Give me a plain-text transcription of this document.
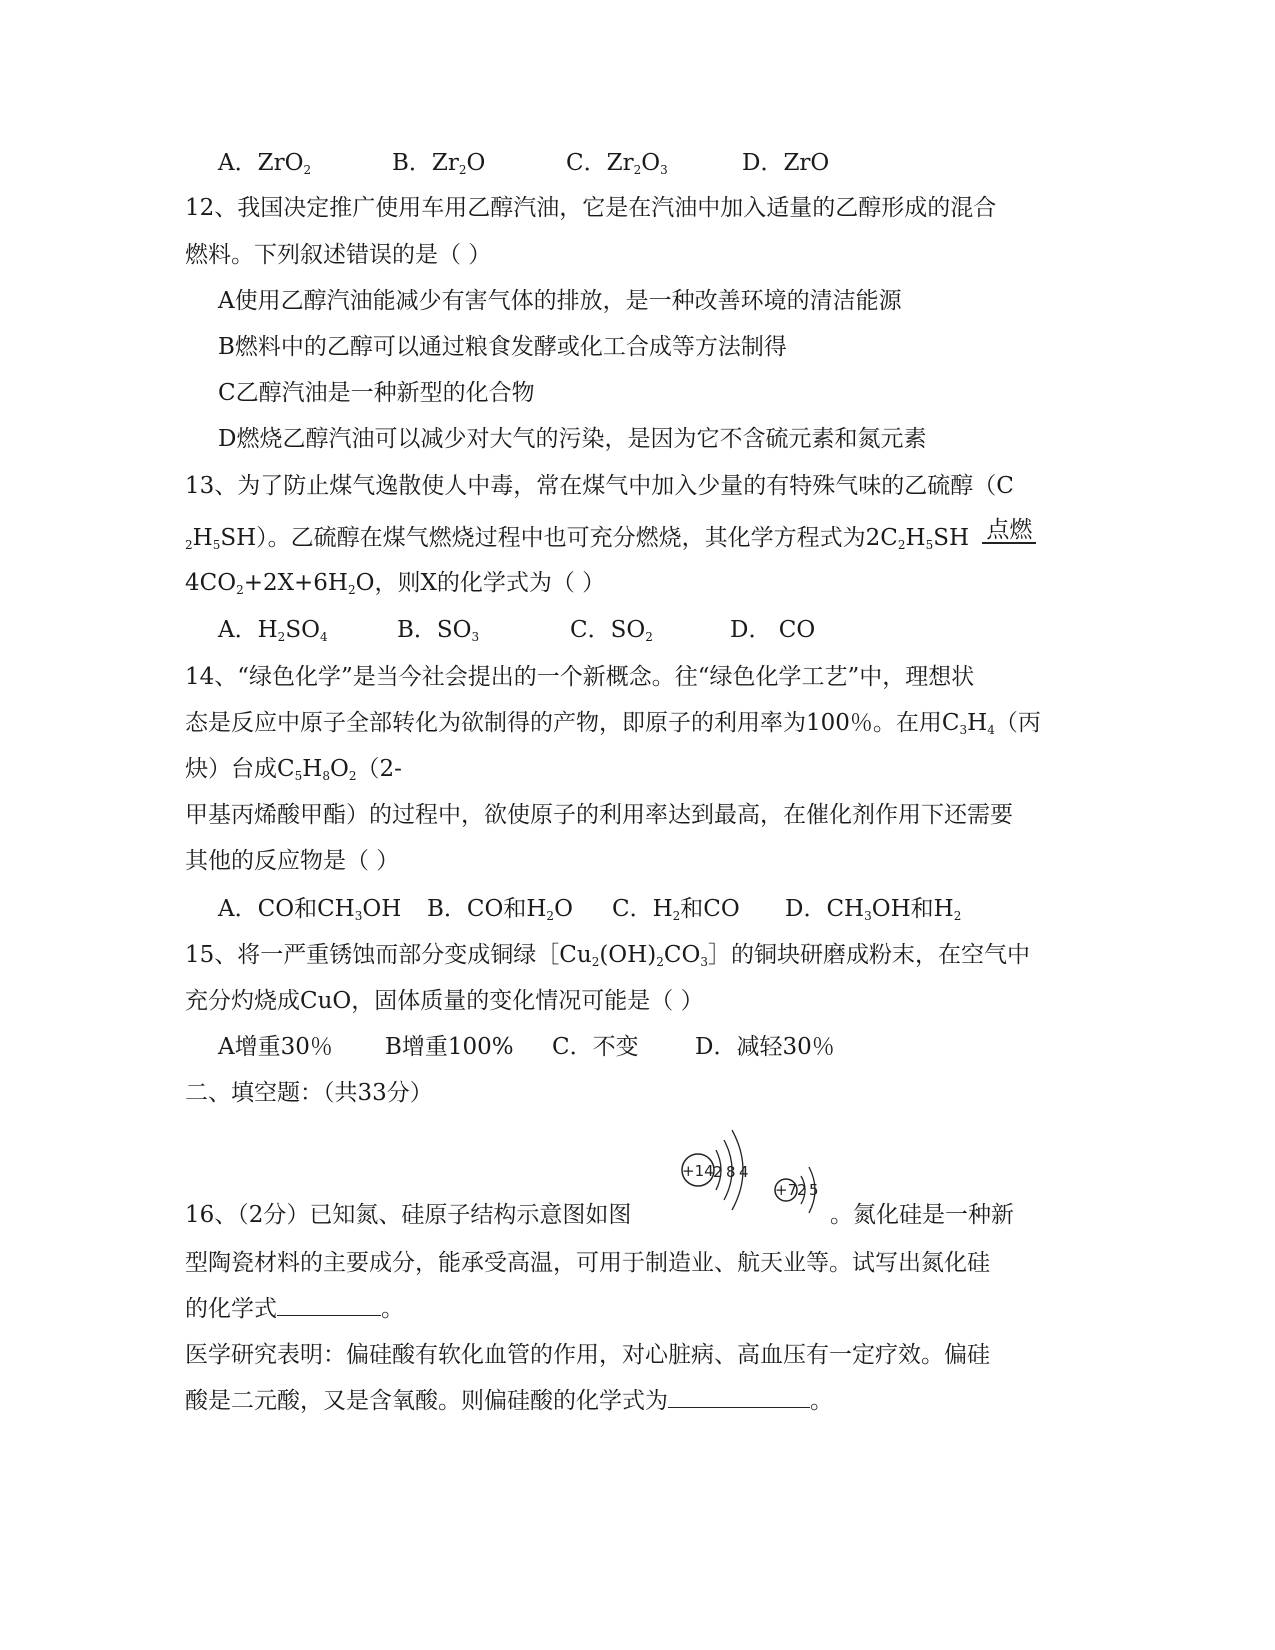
A．ZrO$_2$	B．$Zr_2O$	C．$Zr_2O_3$	D．ZrO
12、我国决定推广使用车用乙醇汽油，它是在汽油中加入适量的乙醇形成的混合
燃料。下列叙述错误的是（ ）
A使用乙醇汽油能减少有害气体的排放，是一种改善环境的清洁能源
B燃料中的乙醇可以通过粮食发酵或化工合成等方法制得
C乙醇汽油是一种新型的化合物
D燃烧乙醇汽油可以减少对大气的污染，是因为它不含硫元素和氮元素
13、为了防止煤气逸散使人中毒，常在煤气中加入少量的有特殊气味的乙硫醇（C
$_2H_5SH$）。乙硫醇在煤气燃烧过程中也可充分燃烧，其化学方程式为$2C_2H_5SH$ 点燃
$4CO_2+2X+6H_2O$，则X的化学式为（ ）
A．$H_2SO_4$	B．$SO_3$	C．$SO_2$	D． CO
14、“绿色化学”是当今社会提出的一个新概念。往“绿色化学工艺”中，理想状
态是反应中原子全部转化为欲制得的产物，即原子的利用率为100％。在用$C_3H_4$（丙
炔）台成$C_5H_8O_2(2-$
甲基丙烯酸甲酯）的过程中，欲使原子的利用率达到最高，在催化剂作用下还需要
其他的反应物是（ ）
A．CO和$CH_3OH$ B．CO和$H_2O$ C．$H_2$和CO D．$CH_3OH$和$H_2$
15、将一严重锈蚀而部分变成铜绿$[Cu_2(OH)_2CO_3]$的铜块研磨成粉末，在空气中
充分灼烧成CuO，固体质量的变化情况可能是（ ）
A增重30％ B增重100% C．不变 D．减轻30％
二、填空题：（共33分）
+14 2 8 4
+7 2 5
16、（2分）已知氮、硅原子结构示意图如图	。氮化硅是一种新
型陶瓷材料的主要成分，能承受高温，可用于制造业、航天业等。试写出氮化硅
的化学式	。
医学研究表明：偏硅酸有软化血管的作用，对心脏病、高血压有一定疗效。偏硅
酸是二元酸，又是含氧酸。则偏硅酸的化学式为	。
